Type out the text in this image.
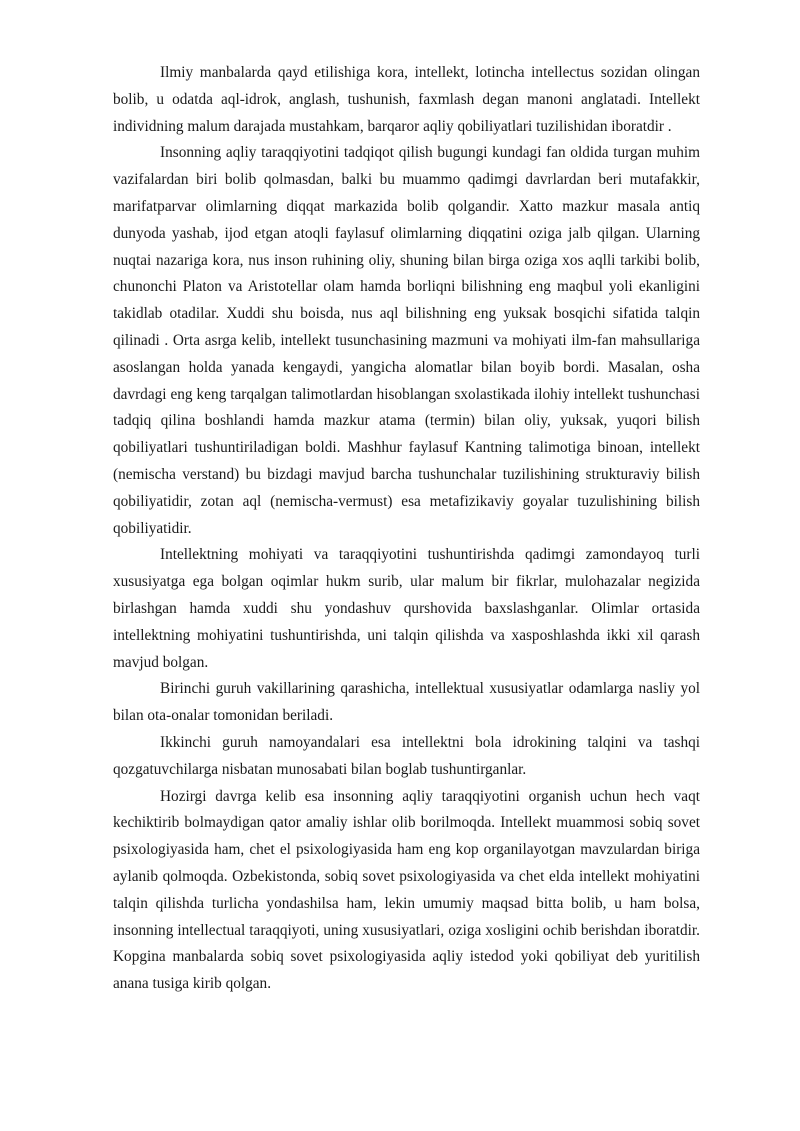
Ilmiy manbalarda qayd etilishiga kora, intellekt, lotincha intellectus sozidan olingan bolib, u odatda aql-idrok, anglash, tushunish, faxmlash degan manoni anglatadi. Intellekt individning malum darajada mustahkam, barqaror aqliy qobiliyatlari tuzilishidan iboratdir .

Insonning aqliy taraqqiyotini tadqiqot qilish bugungi kundagi fan oldida turgan muhim vazifalardan biri bolib qolmasdan, balki bu muammo qadimgi davrlardan beri mutafakkir, marifatparvar olimlarning diqqat markazida bolib qolgandir. Xatto mazkur masala antiq dunyoda yashab, ijod etgan atoqli faylasuf olimlarning diqqatini oziga jalb qilgan. Ularning nuqtai nazariga kora, nus inson ruhining oliy, shuning bilan birga oziga xos aqlli tarkibi bolib, chunonchi Platon va Aristotellar olam hamda borliqni bilishning eng maqbul yoli ekanligini takidlab otadilar. Xuddi shu boisda, nus aql bilishning eng yuksak bosqichi sifatida talqin qilinadi . Orta asrga kelib, intellekt tusunchasining mazmuni va mohiyati ilm-fan mahsullariga asoslangan holda yanada kengaydi, yangicha alomatlar bilan boyib bordi. Masalan, osha davrdagi eng keng tarqalgan talimotlardan hisoblangan sxolastikada ilohiy intellekt tushunchasi tadqiq qilina boshlandi hamda mazkur atama (termin) bilan oliy, yuksak, yuqori bilish qobiliyatlari tushuntiriladigan boldi. Mashhur faylasuf Kantning talimotiga binoan, intellekt (nemischa verstand) bu bizdagi mavjud barcha tushunchalar tuzilishining strukturaviy bilish qobiliyatidir, zotan aql (nemischa-vermust) esa metafizikaviy goyalar tuzulishining bilish qobiliyatidir.

Intellektning mohiyati va taraqqiyotini tushuntirishda qadimgi zamondayoq turli xususiyatga ega bolgan oqimlar hukm surib, ular malum bir fikrlar, mulohazalar negizida birlashgan hamda xuddi shu yondashuv qurshovida baxslashganlar. Olimlar ortasida intellektning mohiyatini tushuntirishda, uni talqin qilishda va xasposhlashda ikki xil qarash mavjud bolgan.

Birinchi guruh vakillarining qarashicha, intellektual xususiyatlar odamlarga nasliy yol bilan ota-onalar tomonidan beriladi.

Ikkinchi guruh namoyandalari esa intellektni bola idrokining talqini va tashqi qozgatuvchilarga nisbatan munosabati bilan boglab tushuntirganlar.

Hozirgi davrga kelib esa insonning aqliy taraqqiyotini organish uchun hech vaqt kechiktirib bolmaydigan qator amaliy ishlar olib borilmoqda. Intellekt muammosi sobiq sovet psixologiyasida ham, chet el psixologiyasida ham eng kop organilayotgan mavzulardan biriga aylanib qolmoqda. Ozbekistonda, sobiq sovet psixologiyasida va chet elda intellekt mohiyatini talqin qilishda turlicha yondashilsa ham, lekin umumiy maqsad bitta bolib, u ham bolsa, insonning intellectual taraqqiyoti, uning xususiyatlari, oziga xosligini ochib berishdan iboratdir. Kopgina manbalarda sobiq sovet psixologiyasida aqliy istedod yoki qobiliyat deb yuritilish anana tusiga kirib qolgan.
